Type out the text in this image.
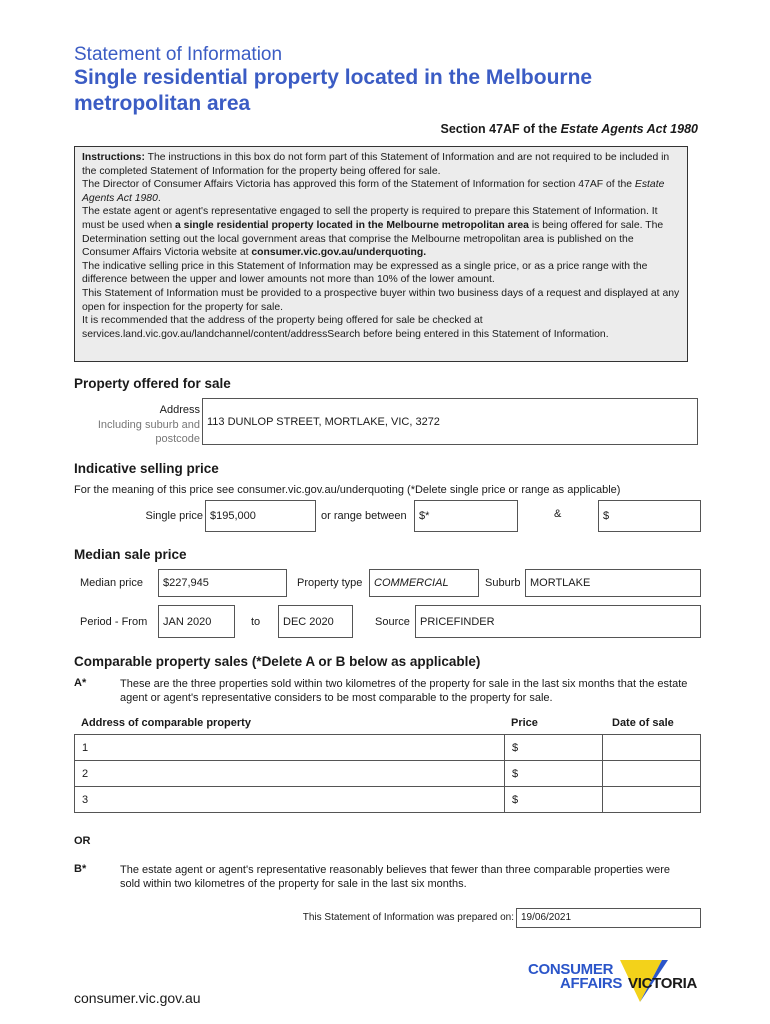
Statement of Information
Single residential property located in the Melbourne metropolitan area
Section 47AF of the Estate Agents Act 1980

Instructions: The instructions in this box do not form part of this Statement of Information and are not required to be included in the completed Statement of Information for the property being offered for sale.

The Director of Consumer Affairs Victoria has approved this form of the Statement of Information for section 47AF of the Estate Agents Act 1980.

The estate agent or agent's representative engaged to sell the property is required to prepare this Statement of Information. It must be used when a single residential property located in the Melbourne metropolitan area is being offered for sale. The Determination setting out the local government areas that comprise the Melbourne metropolitan area is published on the Consumer Affairs Victoria website at consumer.vic.gov.au/underquoting.

The indicative selling price in this Statement of Information may be expressed as a single price, or as a price range with the difference between the upper and lower amounts not more than 10% of the lower amount.

This Statement of Information must be provided to a prospective buyer within two business days of a request and displayed at any open for inspection for the property for sale.

It is recommended that the address of the property being offered for sale be checked at services.land.vic.gov.au/landchannel/content/addressSearch before being entered in this Statement of Information.

Property offered for sale
Address
Including suburb and
postcode
113 DUNLOP STREET, MORTLAKE, VIC, 3272
Indicative selling price
For the meaning of this price see consumer.vic.gov.au/underquoting (*Delete single price or range as applicable)
Single price $195,000	or range between	$*	&	$
Median sale price
Median price	$227,945	Property type	COMMERCIAL	Suburb MORTLAKE
Period - From	JAN 2020	to	DEC 2020	Source PRICEFINDER
Comparable property sales (*Delete A or B below as applicable)
A*	These are the three properties sold within two kilometres of the property for sale in the last six months that the estate agent or agent's representative considers to be most comparable to the property for sale.
Address of comparable property	Price	Date of sale
1	$	
2	$	
3	$	
OR
B*	The estate agent or agent's representative reasonably believes that fewer than three comparable properties were sold within two kilometres of the property for sale in the last six months.
This Statement of Information was prepared on: 19/06/2021
consumer.vic.gov.au
CONSUMER
AFFAIRS VICTORIA
